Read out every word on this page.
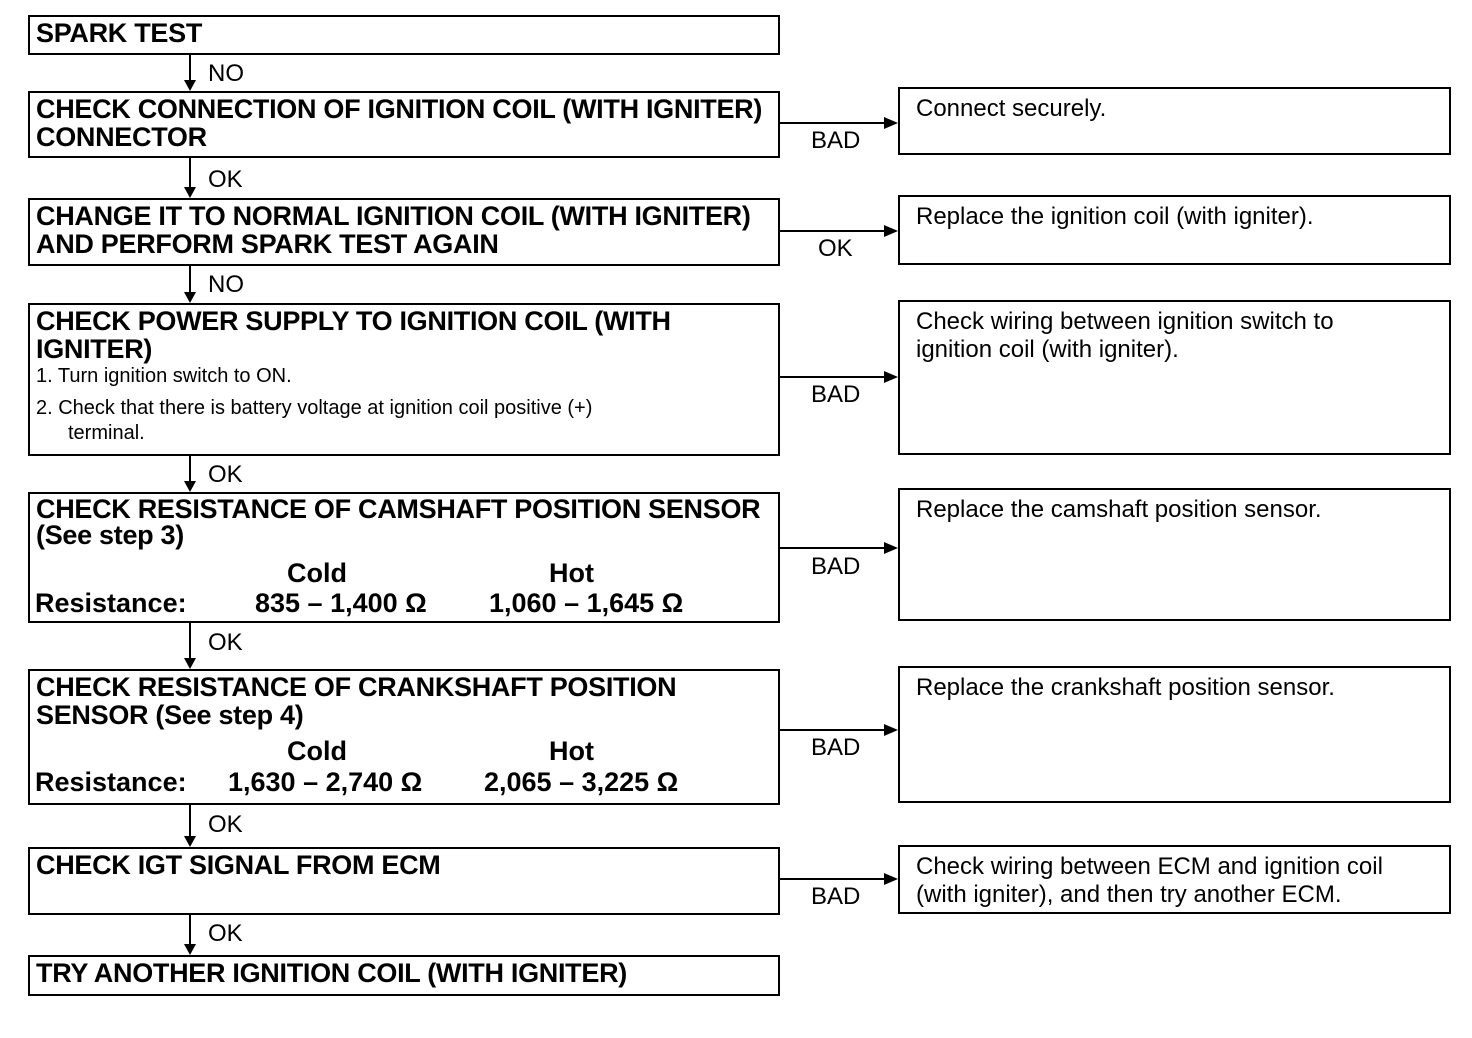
SPARK TEST
CHECK CONNECTION OF IGNITION COIL (WITH IGNITER) CONNECTOR
CHANGE IT TO NORMAL IGNITION COIL (WITH IGNITER) AND PERFORM SPARK TEST AGAIN
CHECK POWER SUPPLY TO IGNITION COIL (WITH IGNITER)
1. Turn ignition switch to ON.
2. Check that there is battery voltage at ignition coil positive (+)
terminal.
CHECK RESISTANCE OF CAMSHAFT POSITION SENSOR (See step 3)
Cold	Hot
Resistance:	835 – 1,400 Ω 1,060 – 1,645 Ω
CHECK RESISTANCE OF CRANKSHAFT POSITION SENSOR (See step 4)
Cold	Hot
Resistance: 1,630 – 2,740 Ω 2,065 – 3,225 Ω
CHECK IGT SIGNAL FROM ECM
TRY ANOTHER IGNITION COIL (WITH IGNITER)
Connect securely.
Replace the ignition coil (with igniter).
Check wiring between ignition switch to ignition coil (with igniter).
Replace the camshaft position sensor.
Replace the crankshaft position sensor.
Check wiring between ECM and ignition coil (with igniter), and then try another ECM.
NO
OK
NO
OK
OK
OK
OK
BAD
OK
BAD
BAD
BAD
BAD
